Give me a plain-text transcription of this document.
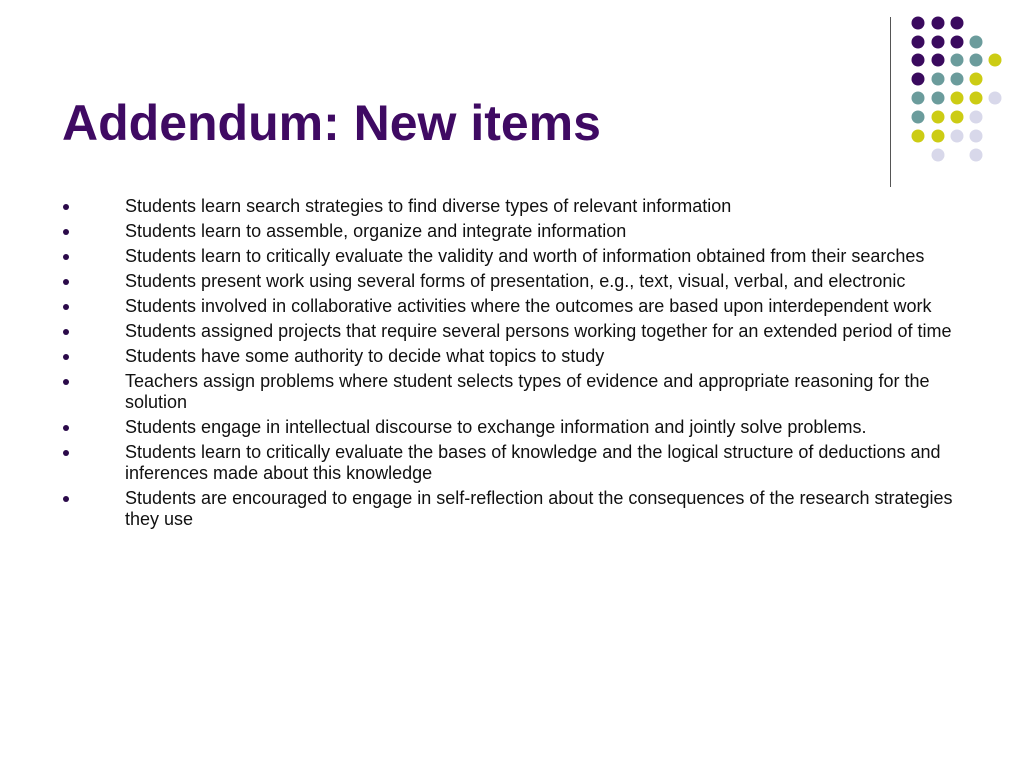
Addendum: New items
Students learn search strategies to find diverse types of relevant information
Students learn to assemble, organize and integrate information
Students learn to critically evaluate the validity and worth of information obtained from their searches
Students present work using several forms of presentation, e.g., text, visual, verbal, and electronic
Students involved in collaborative activities where the outcomes are based upon interdependent work
Students assigned projects that require several persons working together for an extended period of time
Students have some authority to decide what topics to study
Teachers assign problems where student selects types of evidence and appropriate reasoning for the solution
Students engage in intellectual discourse to exchange information and jointly solve problems.
Students learn to critically evaluate the bases of knowledge and the logical structure of deductions and inferences made about this knowledge
Students are encouraged to engage in self-reflection about the consequences of the research strategies they use
